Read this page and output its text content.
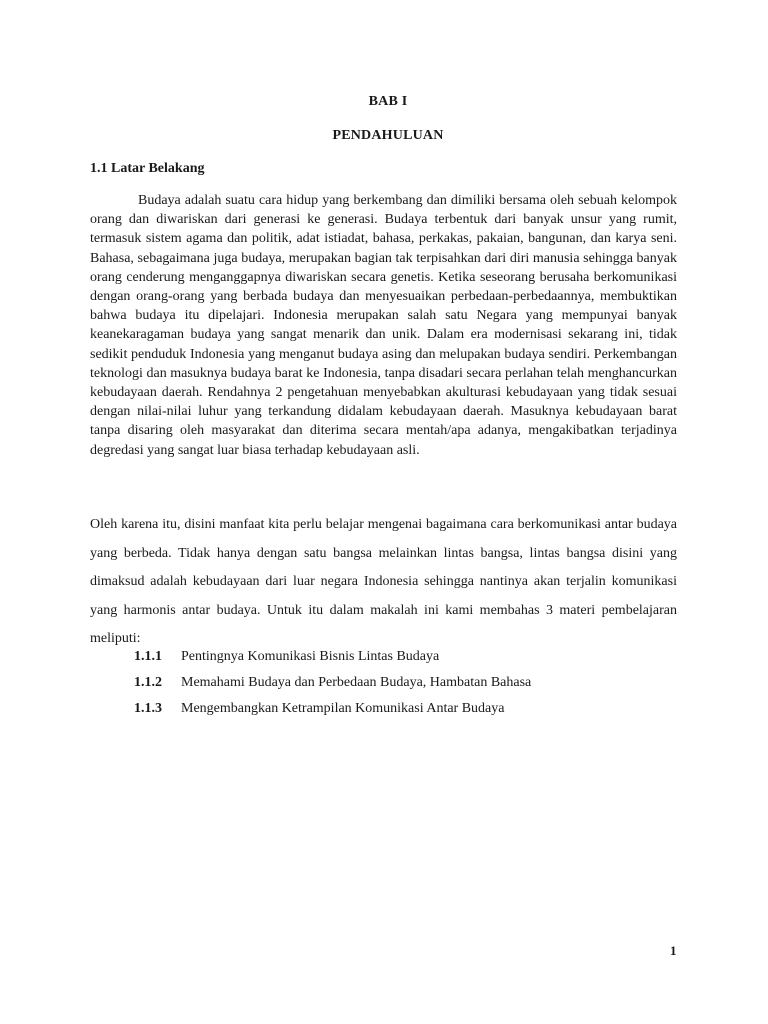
BAB I
PENDAHULUAN
1.1 Latar Belakang

Budaya adalah suatu cara hidup yang berkembang dan dimiliki bersama oleh sebuah kelompok orang dan diwariskan dari generasi ke generasi. Budaya terbentuk dari banyak unsur yang rumit, termasuk sistem agama dan politik, adat istiadat, bahasa, perkakas, pakaian, bangunan, dan karya seni. Bahasa, sebagaimana juga budaya, merupakan bagian tak terpisahkan dari diri manusia sehingga banyak orang cenderung menganggapnya diwariskan secara genetis. Ketika seseorang berusaha berkomunikasi dengan orang-orang yang berbada budaya dan menyesuaikan perbedaan-perbedaannya, membuktikan bahwa budaya itu dipelajari. Indonesia merupakan salah satu Negara yang mempunyai banyak keanekaragaman budaya yang sangat menarik dan unik. Dalam era modernisasi sekarang ini, tidak sedikit penduduk Indonesia yang menganut budaya asing dan melupakan budaya sendiri. Perkembangan teknologi dan masuknya budaya barat ke Indonesia, tanpa disadari secara perlahan telah menghancurkan kebudayaan daerah. Rendahnya 2 pengetahuan menyebabkan akulturasi kebudayaan yang tidak sesuai dengan nilai-nilai luhur yang terkandung didalam kebudayaan daerah. Masuknya kebudayaan barat tanpa disaring oleh masyarakat dan diterima secara mentah/apa adanya, mengakibatkan terjadinya degredasi yang sangat luar biasa terhadap kebudayaan asli.

Oleh karena itu, disini manfaat kita perlu belajar mengenai bagaimana cara berkomunikasi antar budaya yang berbeda. Tidak hanya dengan satu bangsa melainkan lintas bangsa, lintas bangsa disini yang dimaksud adalah kebudayaan dari luar negara Indonesia sehingga nantinya akan terjalin komunikasi yang harmonis antar budaya. Untuk itu dalam makalah ini kami membahas 3 materi pembelajaran meliputi:

1.1.1 Pentingnya Komunikasi Bisnis Lintas Budaya
1.1.2 Memahami Budaya dan Perbedaan Budaya, Hambatan Bahasa
1.1.3 Mengembangkan Ketrampilan Komunikasi Antar Budaya
1
